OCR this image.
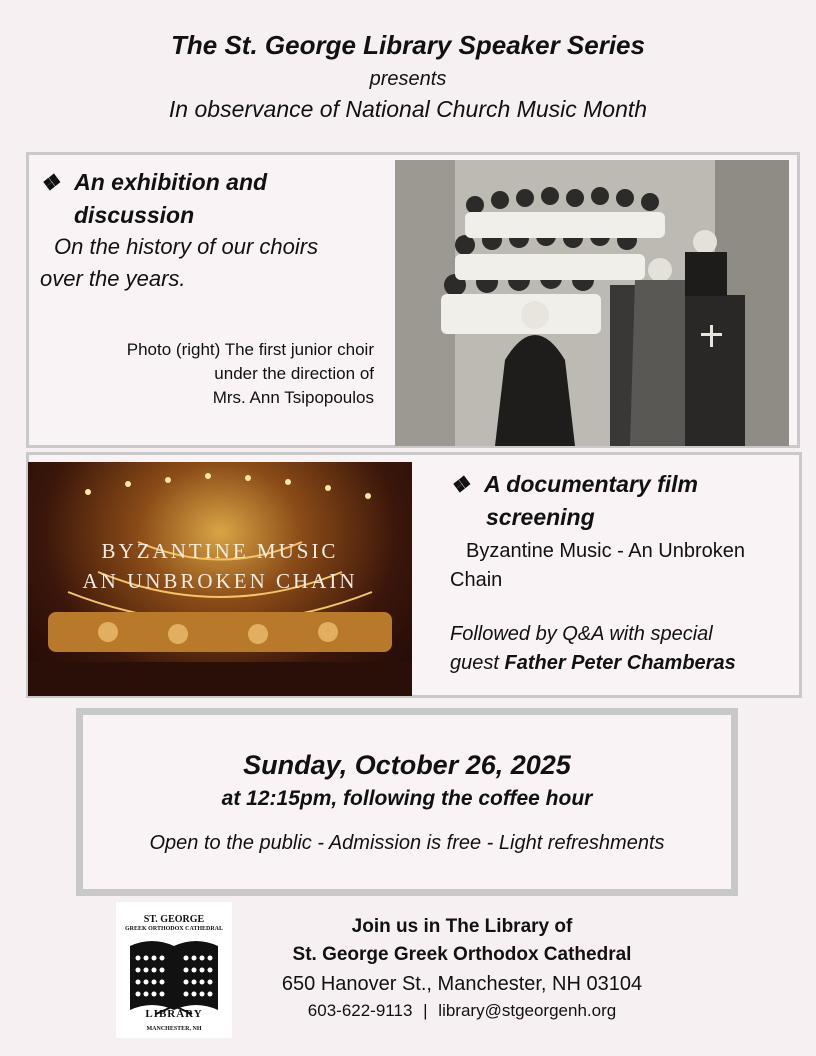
The St. George Library Speaker Series
presents
In observance of National Church Music Month
❖ An exhibition and
discussion
On the history of our choirs
over the years.
Photo (right) The first junior choir
under the direction of
Mrs. Ann Tsipopoulos
BYZANTINE MUSIC
AN UNBROKEN CHAIN
❖ A documentary film
screening
Byzantine Music - An Unbroken
Chain
Followed by Q&A with special
guest Father Peter Chamberas
Sunday, October 26, 2025
at 12:15pm, following the coffee hour
Open to the public - Admission is free - Light refreshments
ST. GEORGE
GREEK ORTHODOX CATHEDRAL
LIBRARY
MANCHESTER, NH
Join us in The Library of
St. George Greek Orthodox Cathedral
650 Hanover St., Manchester, NH 03104
603-622-9113 | library@stgeorgenh.org
